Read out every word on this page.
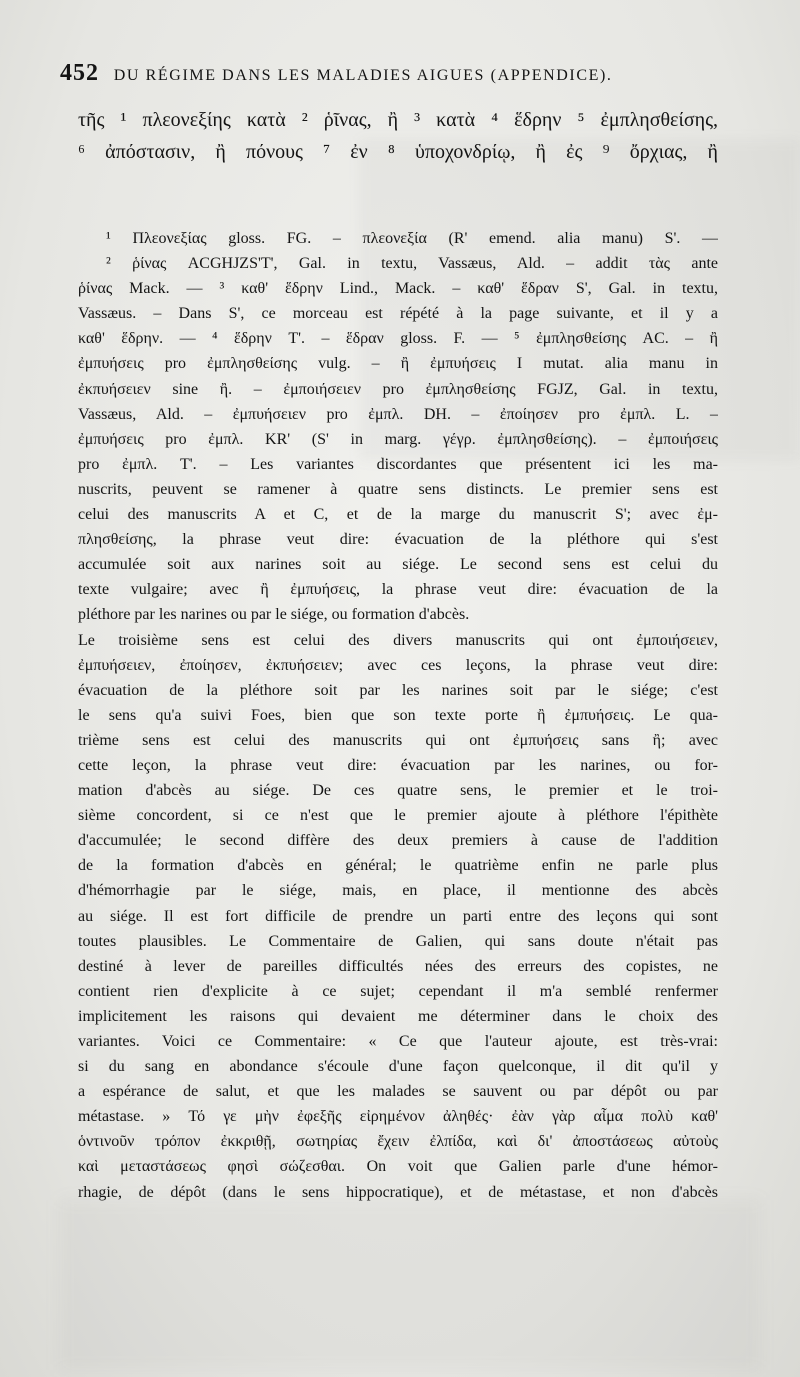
452 DU RÉGIME DANS LES MALADIES AIGUES (APPENDICE).
τῆς ¹ πλεονεξίης κατὰ ² ῥῖνας, ἢ ³ κατὰ ⁴ ἕδρην ⁵ ἐμπλησθείσης,
⁶ ἀπόστασιν, ἢ πόνους ⁷ ἐν ⁸ ὑποχονδρίῳ, ἢ ἐς ⁹ ὄρχιας, ἢ
¹ Πλεονεξίας gloss. FG. – πλεονεξία (R' emend. alia manu) S'. —
² ῥίνας ACGHJZS'T', Gal. in textu, Vassæus, Ald. – addit τὰς ante
ῥίνας Mack. — ³ καθ' ἕδρην Lind., Mack. – καθ' ἕδραν S', Gal. in textu,
Vassæus. – Dans S', ce morceau est répété à la page suivante, et il y a
καθ' ἕδρην. — ⁴ ἕδρην T'. – ἕδραν gloss. F. — ⁵ ἐμπλησθείσης AC. – ἢ
ἐμπυήσεις pro ἐμπλησθείσης vulg. – ἢ ἐμπυήσεις I mutat. alia manu in
ἐκπυήσειεν sine ἢ. – ἐμποιήσειεν pro ἐμπλησθείσης FGJZ, Gal. in textu,
Vassæus, Ald. – ἐμπυήσειεν pro ἐμπλ. DH. – ἐποίησεν pro ἐμπλ. L. –
ἐμπυήσεις pro ἐμπλ. KR' (S' in marg. γέγρ. ἐμπλησθείσης). – ἐμποιήσεις
pro ἐμπλ. T'. – Les variantes discordantes que présentent ici les ma-
nuscrits, peuvent se ramener à quatre sens distincts. Le premier sens est
celui des manuscrits A et C, et de la marge du manuscrit S'; avec ἐμ-
πλησθείσης, la phrase veut dire: évacuation de la pléthore qui s'est
accumulée soit aux narines soit au siége. Le second sens est celui du
texte vulgaire; avec ἢ ἐμπυήσεις, la phrase veut dire: évacuation de la
pléthore par les narines ou par le siége, ou formation d'abcès.
Le troisième sens est celui des divers manuscrits qui ont ἐμποιήσειεν,
ἐμπυήσειεν, ἐποίησεν, ἐκπυήσειεν; avec ces leçons, la phrase veut dire:
évacuation de la pléthore soit par les narines soit par le siége; c'est
le sens qu'a suivi Foes, bien que son texte porte ἢ ἐμπυήσεις. Le qua-
trième sens est celui des manuscrits qui ont ἐμπυήσεις sans ἢ; avec
cette leçon, la phrase veut dire: évacuation par les narines, ou for-
mation d'abcès au siége. De ces quatre sens, le premier et le troi-
sième concordent, si ce n'est que le premier ajoute à pléthore l'épithète
d'accumulée; le second diffère des deux premiers à cause de l'addition
de la formation d'abcès en général; le quatrième enfin ne parle plus
d'hémorrhagie par le siége, mais, en place, il mentionne des abcès
au siége. Il est fort difficile de prendre un parti entre des leçons qui sont
toutes plausibles. Le Commentaire de Galien, qui sans doute n'était pas
destiné à lever de pareilles difficultés nées des erreurs des copistes, ne
contient rien d'explicite à ce sujet; cependant il m'a semblé renfermer
implicitement les raisons qui devaient me déterminer dans le choix des
variantes. Voici ce Commentaire: « Ce que l'auteur ajoute, est très-vrai:
si du sang en abondance s'écoule d'une façon quelconque, il dit qu'il y
a espérance de salut, et que les malades se sauvent ou par dépôt ou par
métastase. » Τό γε μὴν ἐφεξῆς εἰρημένον ἀληθές· ἐὰν γὰρ αἷμα πολὺ καθ'
ὁντινοῦν τρόπον ἐκκριθῇ, σωτηρίας ἔχειν ἐλπίδα, καὶ δι' ἀποστάσεως αὐτοὺς
καὶ μεταστάσεως φησὶ σώζεσθαι. On voit que Galien parle d'une hémor-
rhagie, de dépôt (dans le sens hippocratique), et de métastase, et non d'abcès
